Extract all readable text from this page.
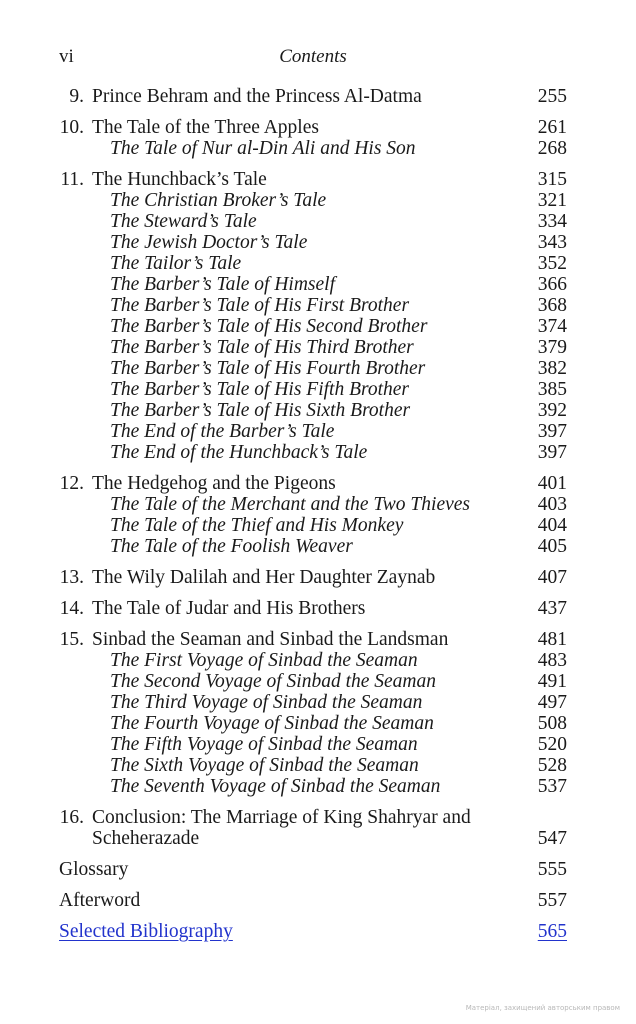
vi	Contents
9. Prince Behram and the Princess Al-Datma	255
10. The Tale of the Three Apples	261
The Tale of Nur al-Din Ali and His Son	268
11. The Hunchback’s Tale	315
The Christian Broker’s Tale	321
The Steward’s Tale	334
The Jewish Doctor’s Tale	343
The Tailor’s Tale	352
The Barber’s Tale of Himself	366
The Barber’s Tale of His First Brother	368
The Barber’s Tale of His Second Brother	374
The Barber’s Tale of His Third Brother	379
The Barber’s Tale of His Fourth Brother	382
The Barber’s Tale of His Fifth Brother	385
The Barber’s Tale of His Sixth Brother	392
The End of the Barber’s Tale	397
The End of the Hunchback’s Tale	397
12. The Hedgehog and the Pigeons	401
The Tale of the Merchant and the Two Thieves	403
The Tale of the Thief and His Monkey	404
The Tale of the Foolish Weaver	405
13. The Wily Dalilah and Her Daughter Zaynab	407
14. The Tale of Judar and His Brothers	437
15. Sinbad the Seaman and Sinbad the Landsman	481
The First Voyage of Sinbad the Seaman	483
The Second Voyage of Sinbad the Seaman	491
The Third Voyage of Sinbad the Seaman	497
The Fourth Voyage of Sinbad the Seaman	508
The Fifth Voyage of Sinbad the Seaman	520
The Sixth Voyage of Sinbad the Seaman	528
The Seventh Voyage of Sinbad the Seaman	537
16. Conclusion: The Marriage of King Shahryar and
Scheherazade	547
Glossary	555
Afterword	557
Selected Bibliography	565
Матеріал, захищений авторським правом
